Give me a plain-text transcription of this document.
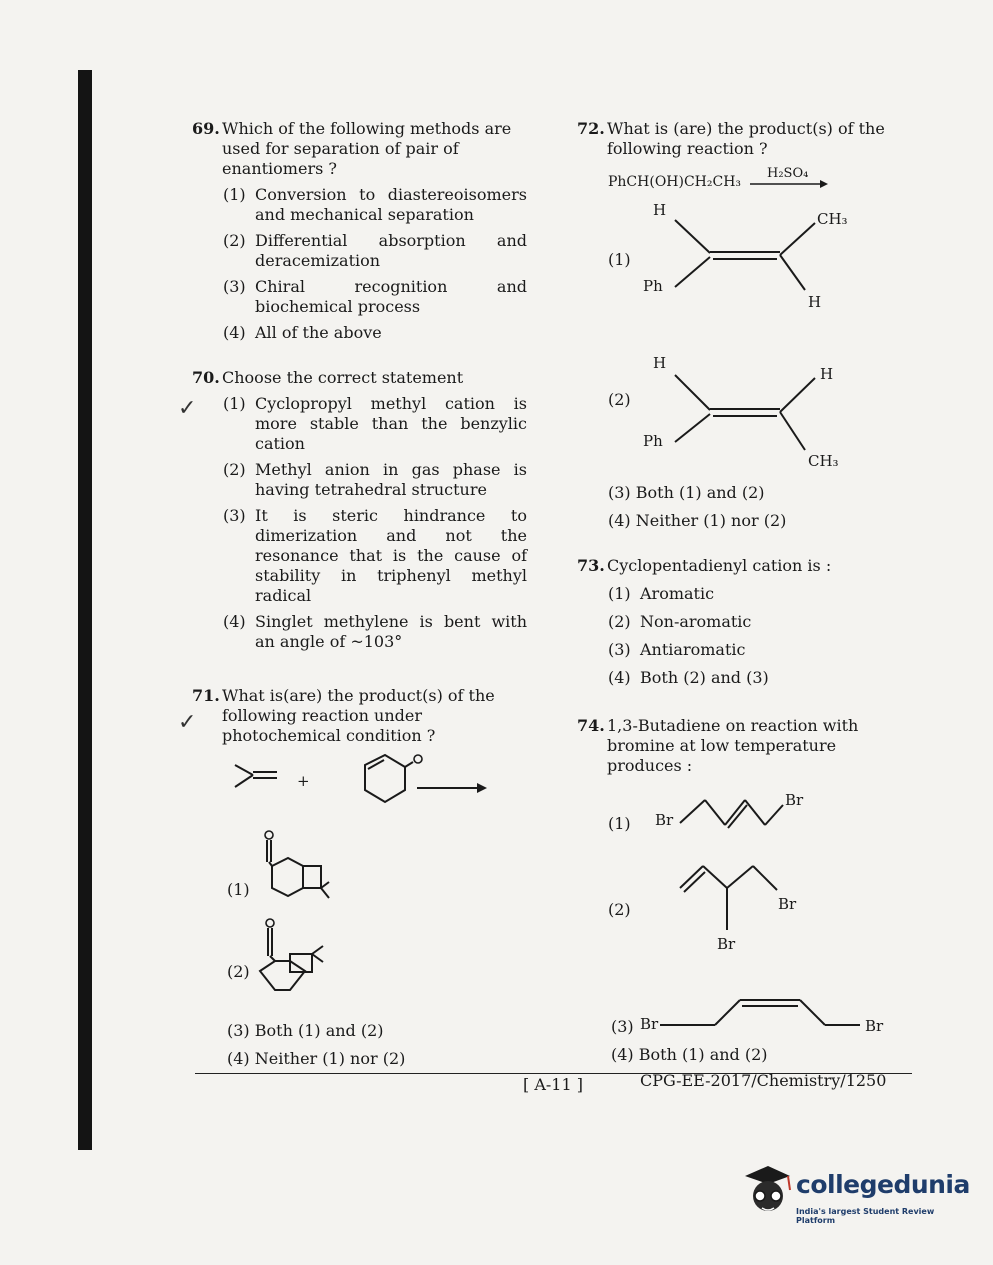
69. Which of the following methods are used for separation of pair of enantiomers ?
(1) Conversion to diastereoisomers and mechanical separation
(2) Differential absorption and deracemization
(3) Chiral recognition and biochemical process
(4) All of the above
70. Choose the correct statement
(1) Cyclopropyl methyl cation is more stable than the benzylic cation
(2) Methyl anion in gas phase is having tetrahedral structure
(3) It is steric hindrance to dimerization and not the resonance that is the cause of stability in triphenyl methyl radical
(4) Singlet methylene is bent with an angle of ~103°
✓
71. What is(are) the product(s) of the following reaction under photochemical condition ?
✓
+
(1)
(2)
(3) Both (1) and (2)
(4) Neither (1) nor (2)
72. What is (are) the product(s) of the following reaction ?
PhCH(OH)CH₂CH₃
H₂SO₄
(1)
H	CH₃
Ph
H
(2)
H
H
Ph
CH₃
(3) Both (1) and (2)
(4) Neither (1) nor (2)
73. Cyclopentadienyl cation is :
(1) Aromatic
(2) Non-aromatic
(3) Antiaromatic
(4) Both (2) and (3)
74. 1,3-Butadiene on reaction with bromine at low temperature produces :
(1) Br
Br
(2)	Br
Br
(3) Br	Br
(4) Both (1) and (2)
[ A-11 ]	CPG-EE-2017/Chemistry/1250
collegedunia
India's largest Student Review Platform
